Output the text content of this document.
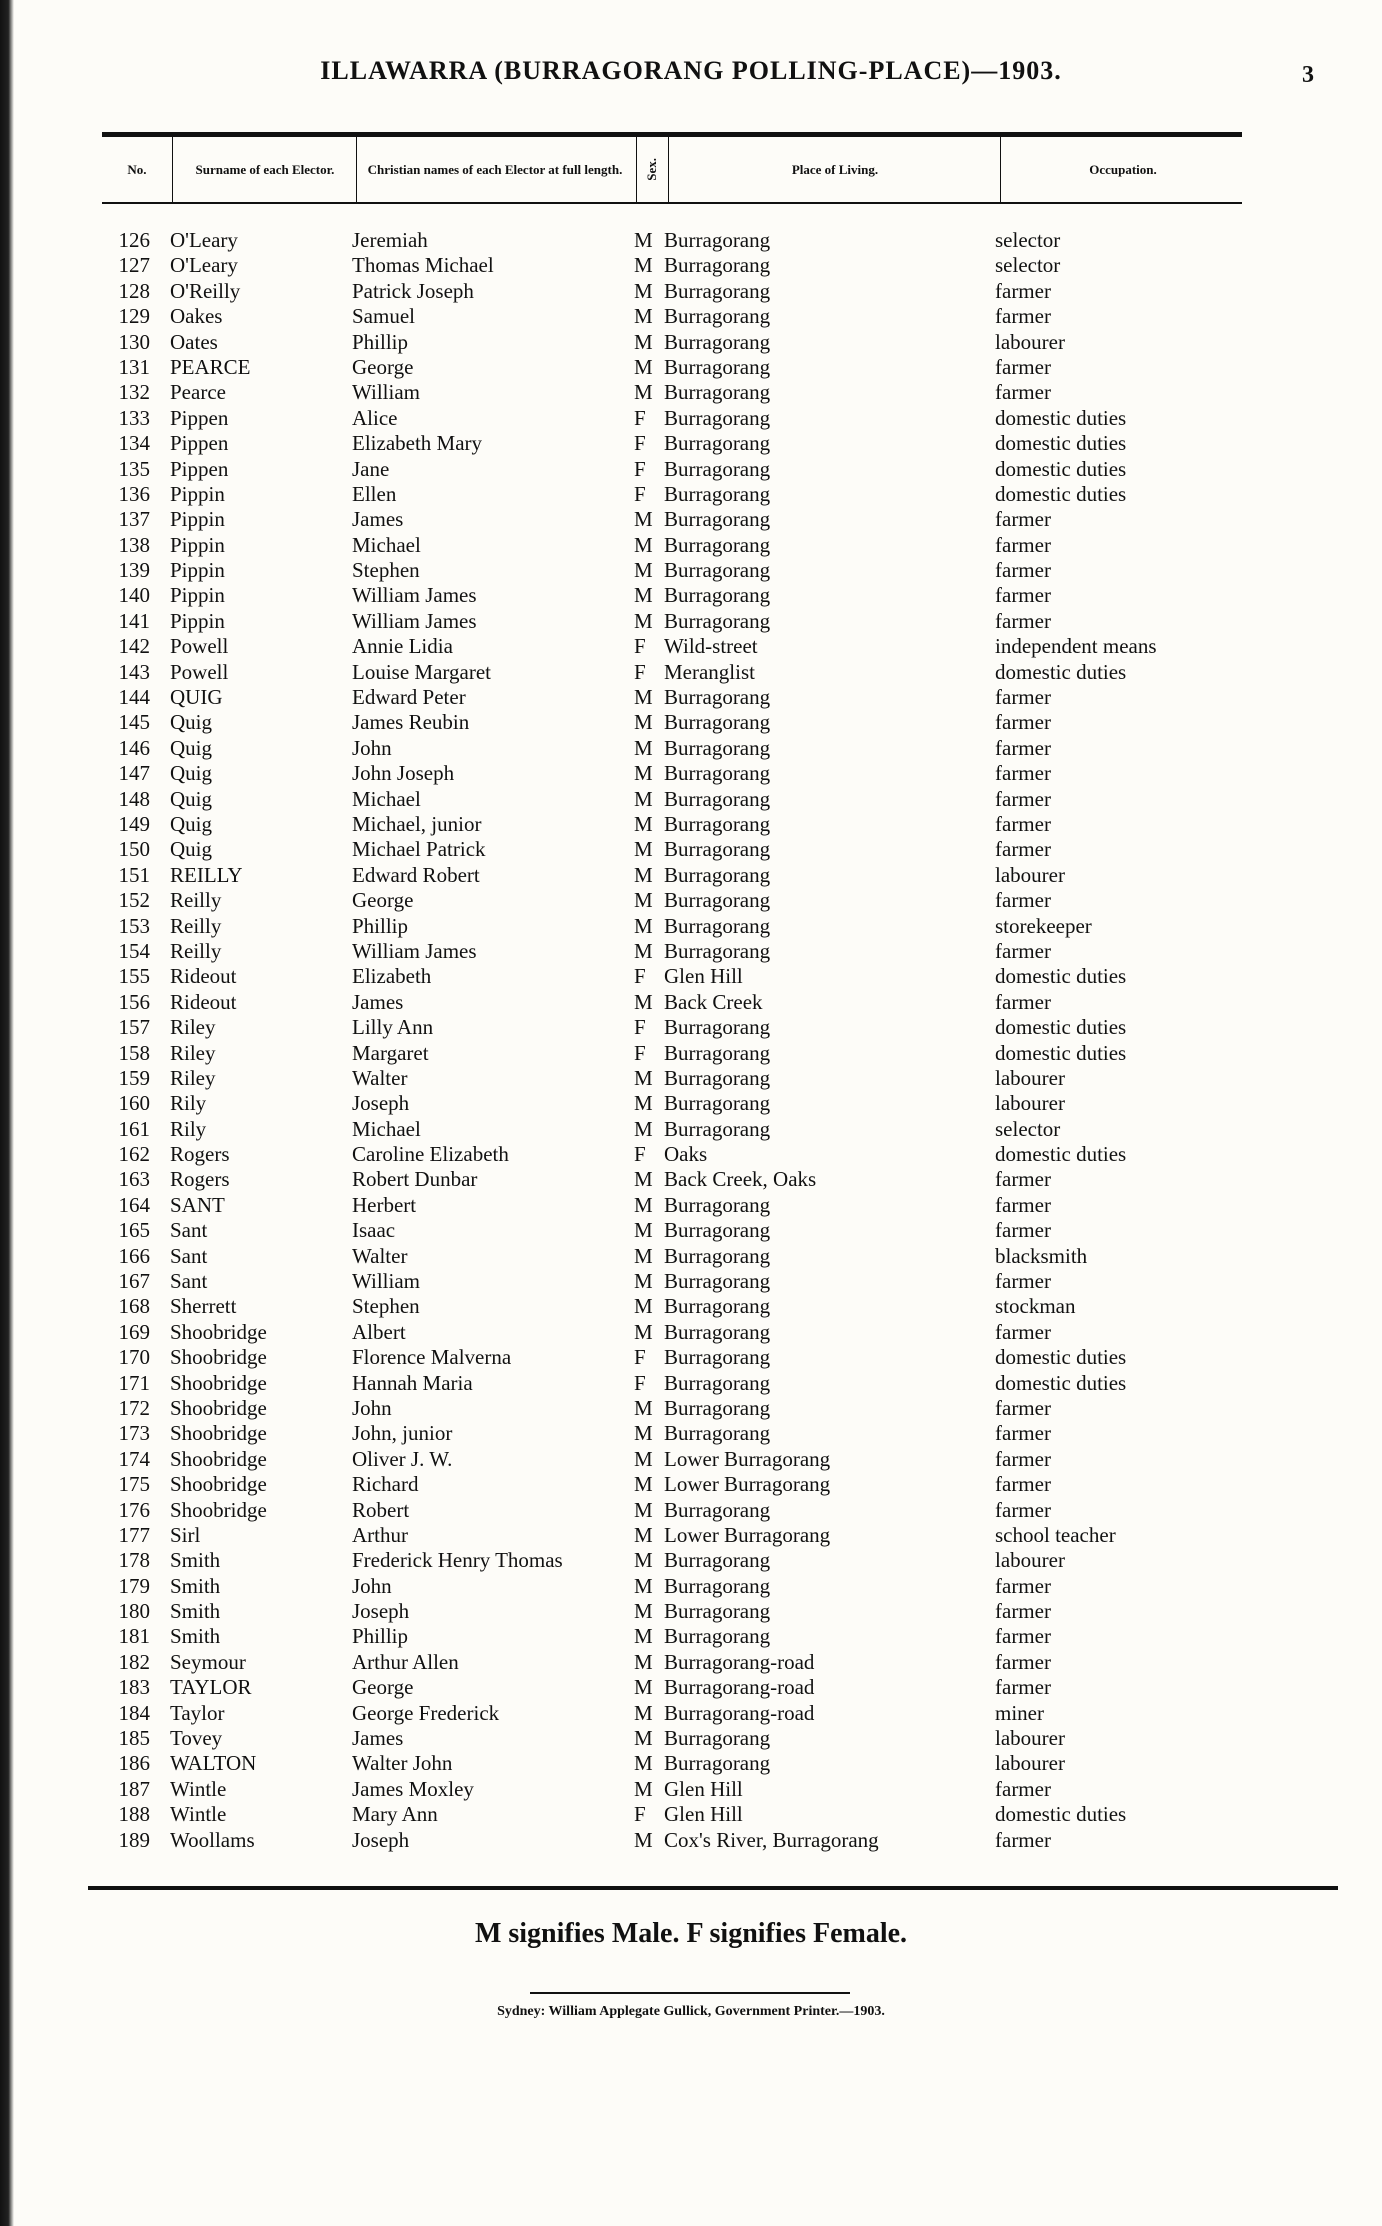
ILLAWARRA (BURRAGORANG POLLING-PLACE)—1903.	3
No.	Surname of each Elector.	Christian names of each Elector at full length.	Sex.	Place of Living.	Occupation.
126 O'Leary	Jeremiah	M Burragorang	selector
127 O'Leary	Thomas Michael	M Burragorang	selector
128 O'Reilly	Patrick Joseph	M Burragorang	farmer
129 Oakes	Samuel	M Burragorang	farmer
130 Oates	Phillip	M Burragorang	labourer
131 PEARCE	George	M Burragorang	farmer
132 Pearce	William	M Burragorang	farmer
133 Pippen	Alice	F Burragorang	domestic duties
134 Pippen	Elizabeth Mary	F Burragorang	domestic duties
135 Pippen	Jane	F Burragorang	domestic duties
136 Pippin	Ellen	F Burragorang	domestic duties
137 Pippin	James	M Burragorang	farmer
138 Pippin	Michael	M Burragorang	farmer
139 Pippin	Stephen	M Burragorang	farmer
140 Pippin	William James	M Burragorang	farmer
141 Pippin	William James	M Burragorang	farmer
142 Powell	Annie Lidia	F Wild-street	independent means
143 Powell	Louise Margaret	F Meranglist	domestic duties
144 QUIG	Edward Peter	M Burragorang	farmer
145 Quig	James Reubin	M Burragorang	farmer
146 Quig	John	M Burragorang	farmer
147 Quig	John Joseph	M Burragorang	farmer
148 Quig	Michael	M Burragorang	farmer
149 Quig	Michael, junior	M Burragorang	farmer
150 Quig	Michael Patrick	M Burragorang	farmer
151 REILLY	Edward Robert	M Burragorang	labourer
152 Reilly	George	M Burragorang	farmer
153 Reilly	Phillip	M Burragorang	storekeeper
154 Reilly	William James	M Burragorang	farmer
155 Rideout	Elizabeth	F Glen Hill	domestic duties
156 Rideout	James	M Back Creek	farmer
157 Riley	Lilly Ann	F Burragorang	domestic duties
158 Riley	Margaret	F Burragorang	domestic duties
159 Riley	Walter	M Burragorang	labourer
160 Rily	Joseph	M Burragorang	labourer
161 Rily	Michael	M Burragorang	selector
162 Rogers	Caroline Elizabeth	F Oaks	domestic duties
163 Rogers	Robert Dunbar	M Back Creek, Oaks	farmer
164 SANT	Herbert	M Burragorang	farmer
165 Sant	Isaac	M Burragorang	farmer
166 Sant	Walter	M Burragorang	blacksmith
167 Sant	William	M Burragorang	farmer
168 Sherrett	Stephen	M Burragorang	stockman
169 Shoobridge	Albert	M Burragorang	farmer
170 Shoobridge	Florence Malverna	F Burragorang	domestic duties
171 Shoobridge	Hannah Maria	F Burragorang	domestic duties
172 Shoobridge	John	M Burragorang	farmer
173 Shoobridge	John, junior	M Burragorang	farmer
174 Shoobridge	Oliver J. W.	M Lower Burragorang	farmer
175 Shoobridge	Richard	M Lower Burragorang	farmer
176 Shoobridge	Robert	M Burragorang	farmer
177 Sirl	Arthur	M Lower Burragorang	school teacher
178 Smith	Frederick Henry Thomas	M Burragorang	labourer
179 Smith	John	M Burragorang	farmer
180 Smith	Joseph	M Burragorang	farmer
181 Smith	Phillip	M Burragorang	farmer
182 Seymour	Arthur Allen	M Burragorang-road	farmer
183 TAYLOR	George	M Burragorang-road	farmer
184 Taylor	George Frederick	M Burragorang-road	miner
185 Tovey	James	M Burragorang	labourer
186 WALTON	Walter John	M Burragorang	labourer
187 Wintle	James Moxley	M Glen Hill	farmer
188 Wintle	Mary Ann	F Glen Hill	domestic duties
189 Woollams	Joseph	M Cox's River, Burragorang	farmer
M signifies Male. F signifies Female.
Sydney: William Applegate Gullick, Government Printer.—1903.
